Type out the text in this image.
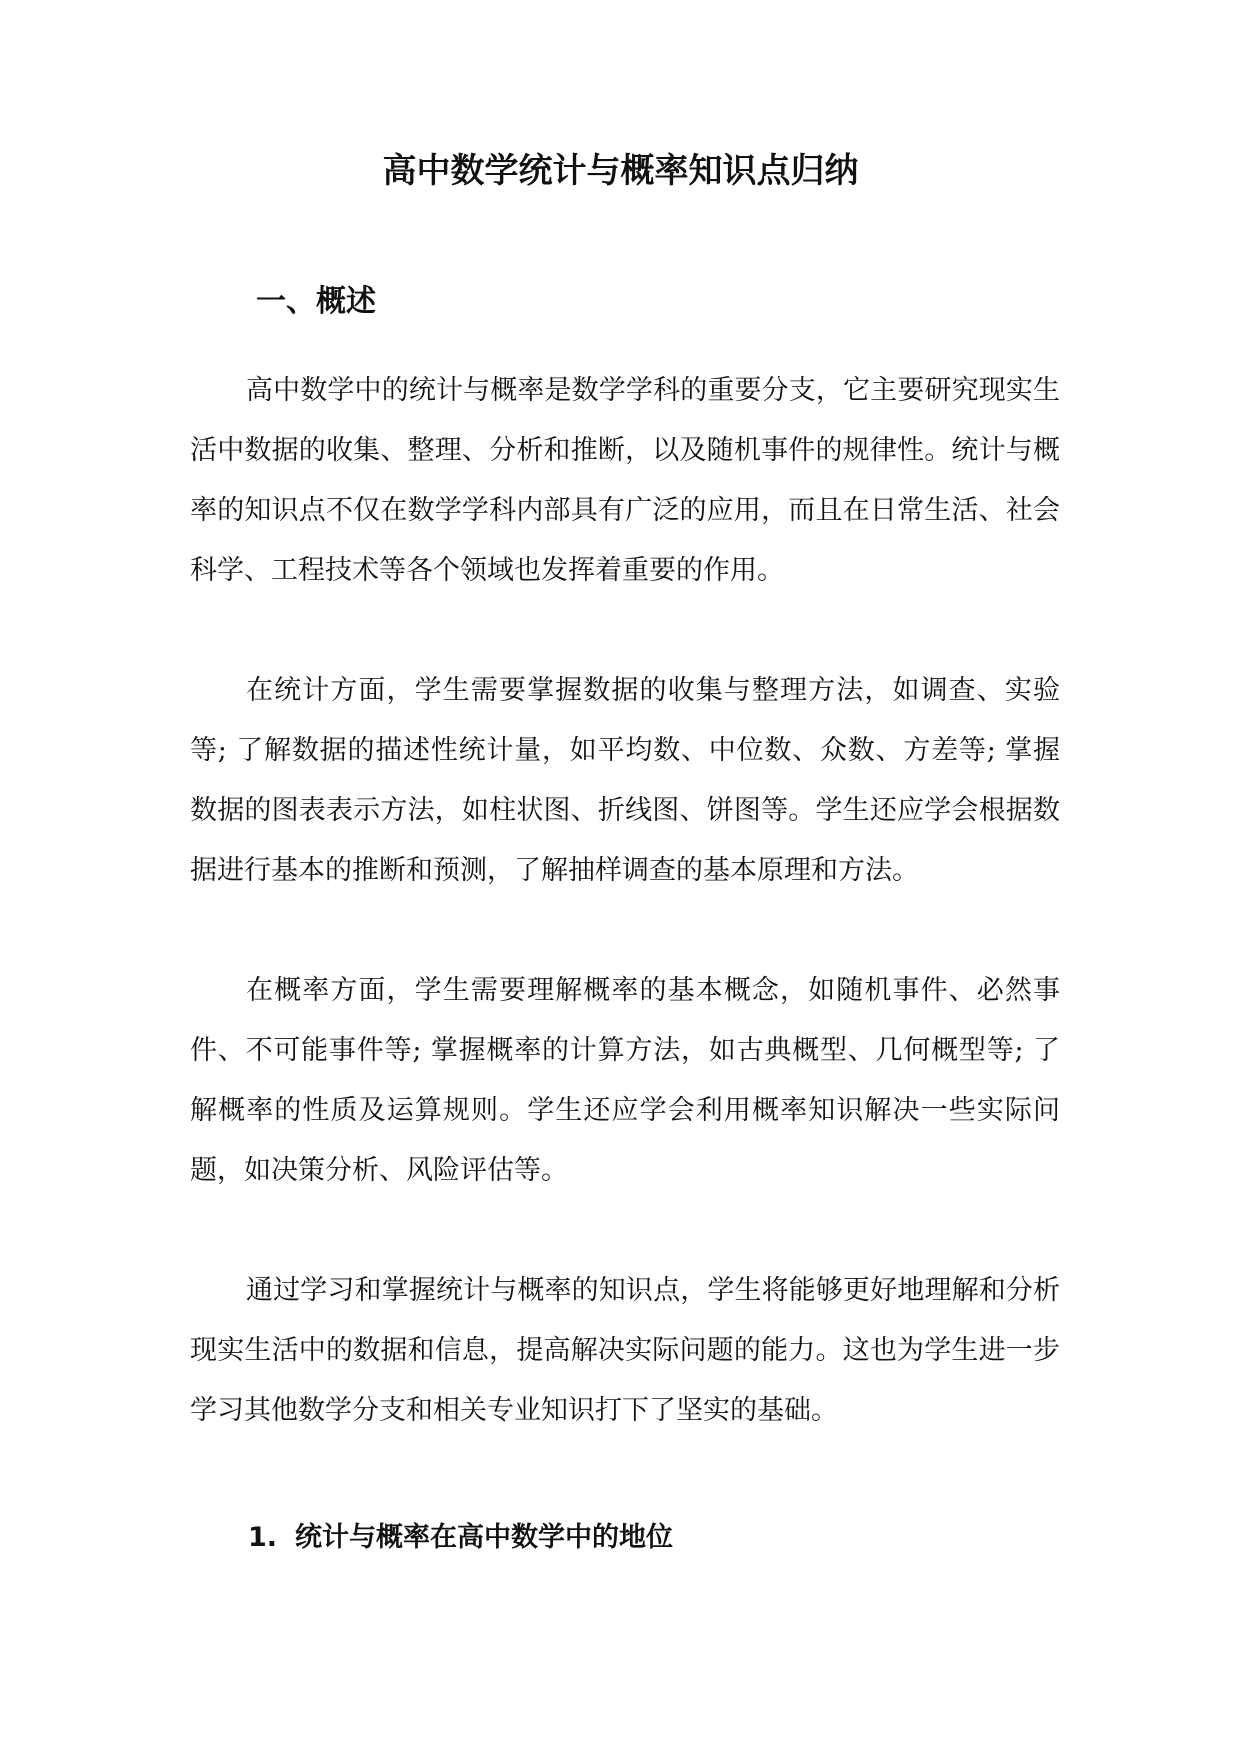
高中数学统计与概率知识点归纳
一、概述

高中数学中的统计与概率是数学学科的重要分支，它主要研究现实生活中数据的收集、整理、分析和推断，以及随机事件的规律性。统计与概率的知识点不仅在数学学科内部具有广泛的应用，而且在日常生活、社会科学、工程技术等各个领域也发挥着重要的作用。

在统计方面，学生需要掌握数据的收集与整理方法，如调查、实验等; 了解数据的描述性统计量，如平均数、中位数、众数、方差等; 掌握数据的图表表示方法，如柱状图、折线图、饼图等。学生还应学会根据数据进行基本的推断和预测，了解抽样调查的基本原理和方法。

在概率方面，学生需要理解概率的基本概念，如随机事件、必然事件、不可能事件等; 掌握概率的计算方法，如古典概型、几何概型等; 了解概率的性质及运算规则。学生还应学会利用概率知识解决一些实际问题，如决策分析、风险评估等。

通过学习和掌握统计与概率的知识点，学生将能够更好地理解和分析现实生活中的数据和信息，提高解决实际问题的能力。这也为学生进一步学习其他数学分支和相关专业知识打下了坚实的基础。

1. 统计与概率在高中数学中的地位
